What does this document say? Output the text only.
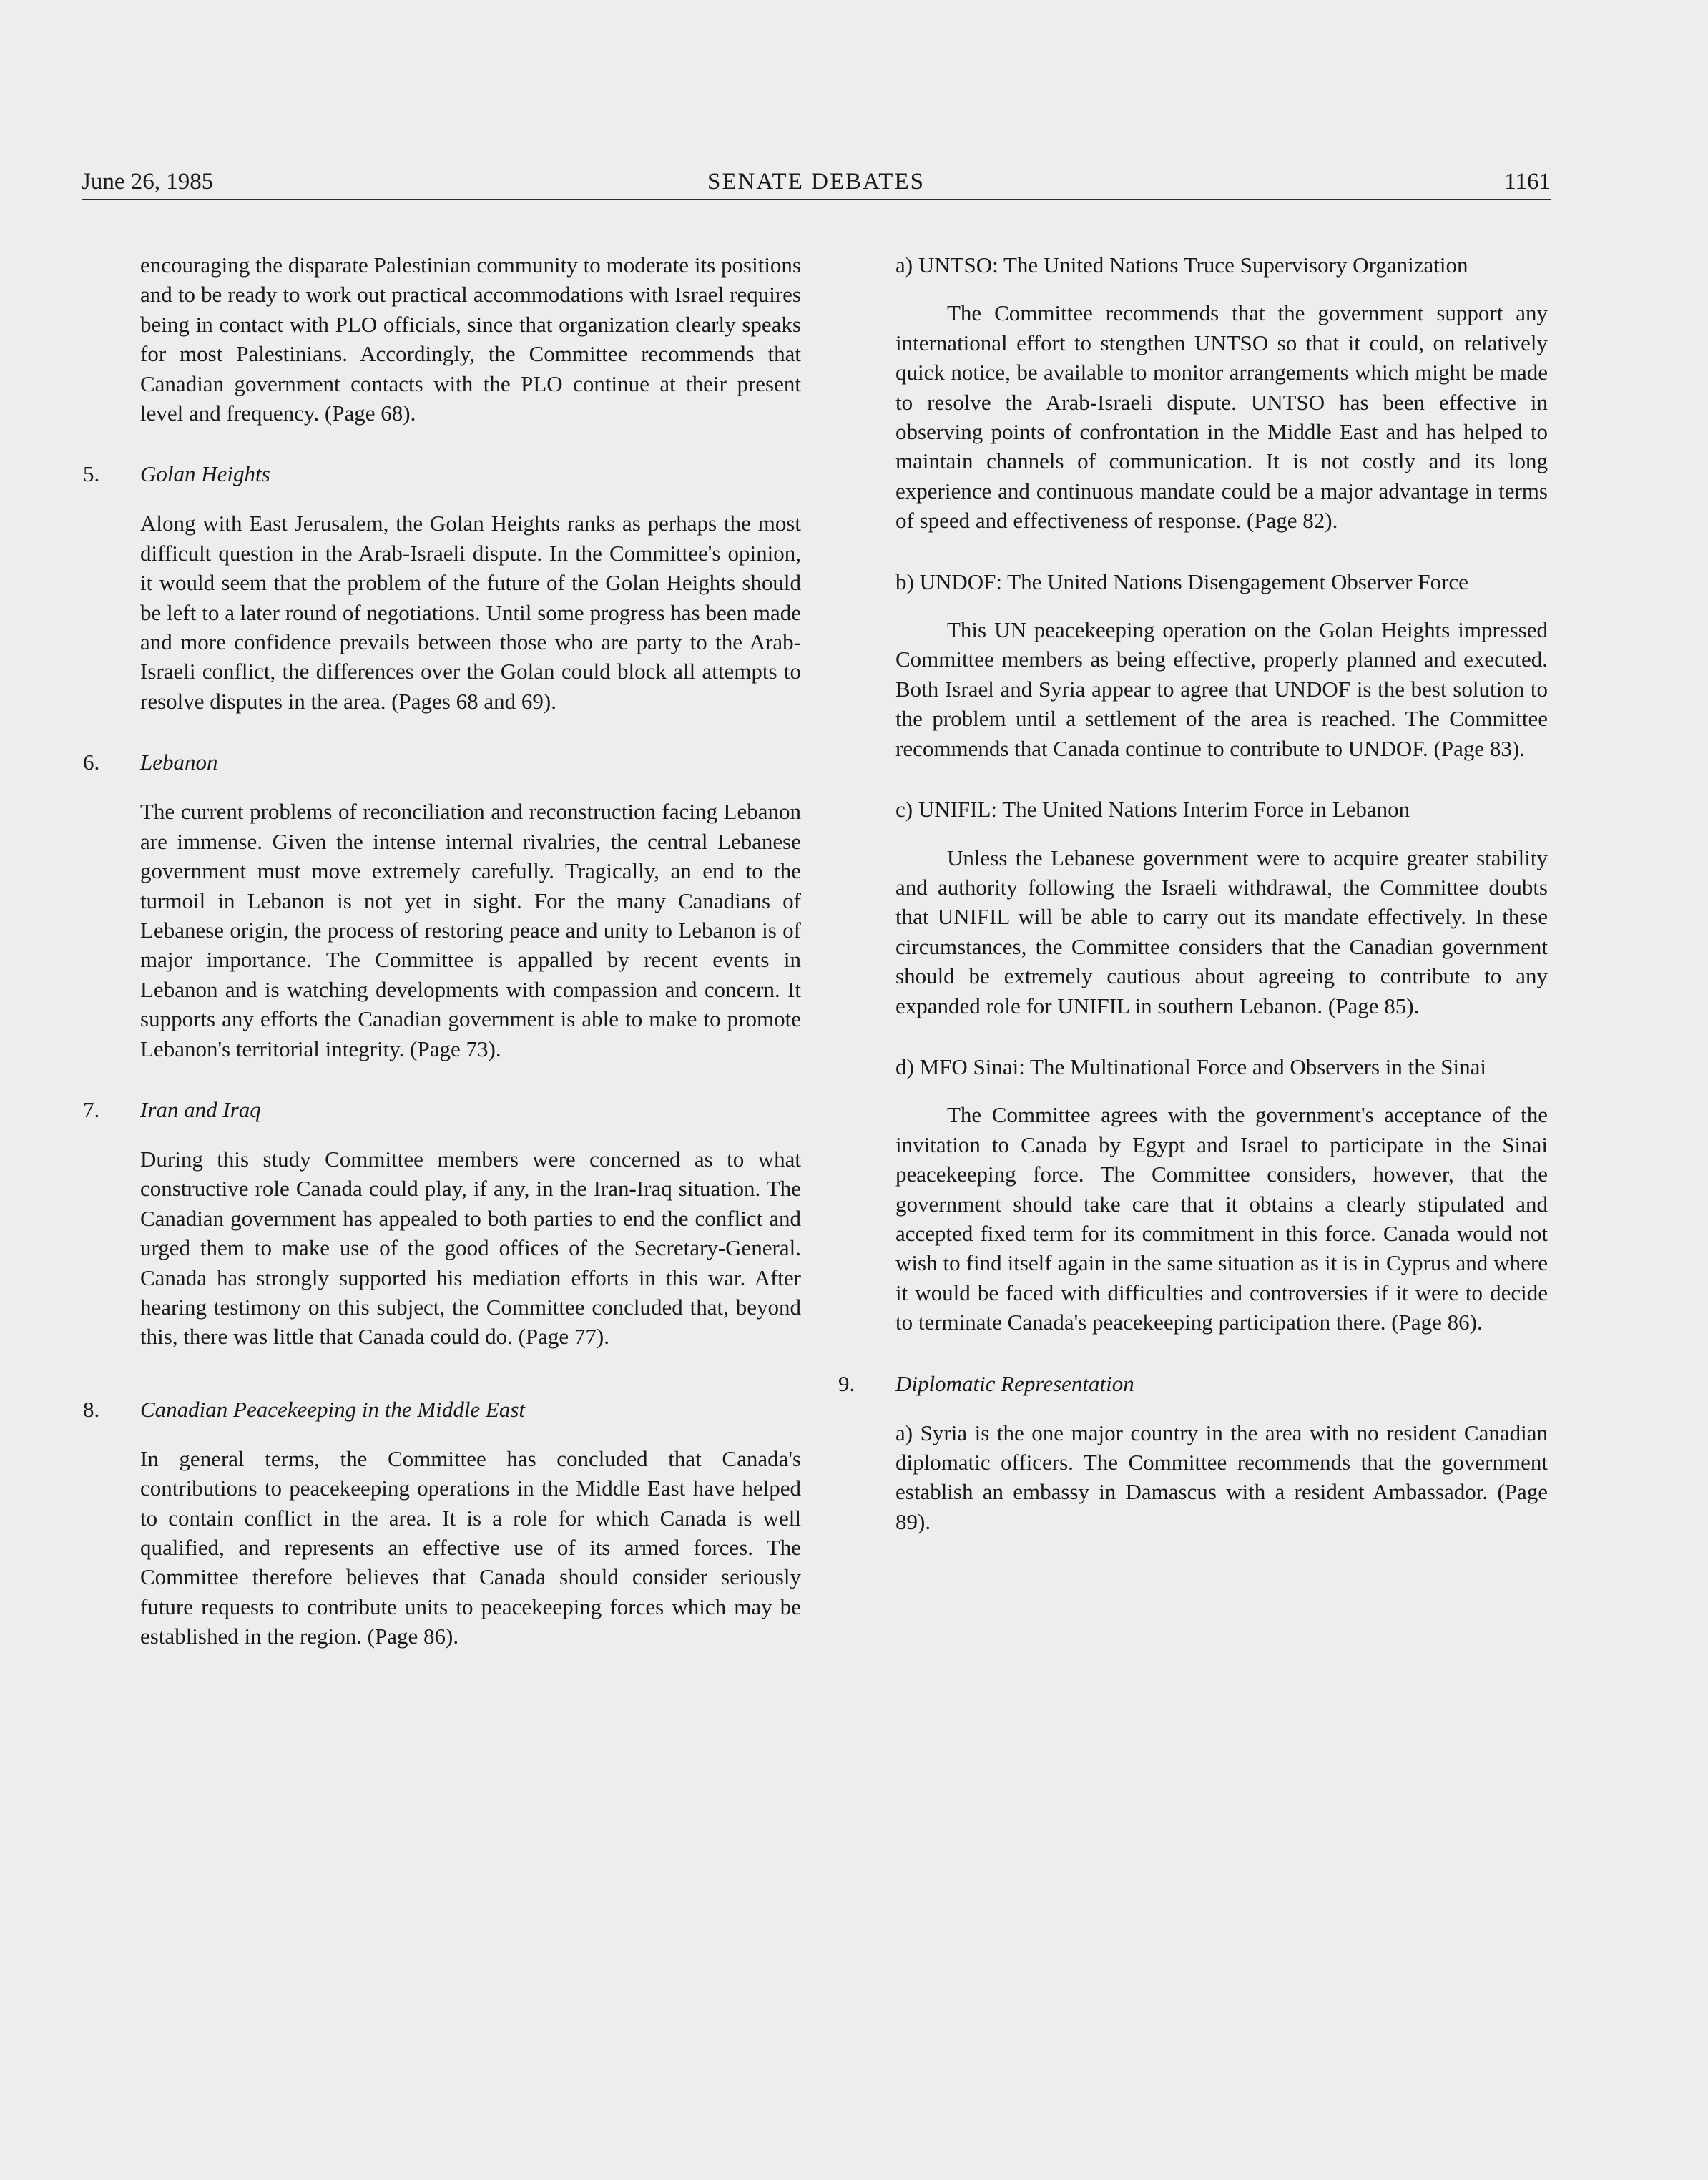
June 26, 1985	SENATE DEBATES	1161

encouraging the disparate Palestinian community to moderate its positions and to be ready to work out practical accommodations with Israel requires being in contact with PLO officials, since that organization clearly speaks for most Palestinians. Accordingly, the Committee recommends that Canadian government contacts with the PLO continue at their present level and frequency. (Page 68).

5. Golan Heights

Along with East Jerusalem, the Golan Heights ranks as perhaps the most difficult question in the Arab-Israeli dispute. In the Committee's opinion, it would seem that the problem of the future of the Golan Heights should be left to a later round of negotiations. Until some progress has been made and more confidence prevails between those who are party to the Arab-Israeli conflict, the differences over the Golan could block all attempts to resolve disputes in the area. (Pages 68 and 69).

6. Lebanon

The current problems of reconciliation and reconstruction facing Lebanon are immense. Given the intense internal rivalries, the central Lebanese government must move extremely carefully. Tragically, an end to the turmoil in Lebanon is not yet in sight. For the many Canadians of Lebanese origin, the process of restoring peace and unity to Lebanon is of major importance. The Committee is appalled by recent events in Lebanon and is watching developments with compassion and concern. It supports any efforts the Canadian government is able to make to promote Lebanon's territorial integrity. (Page 73).

7. Iran and Iraq

During this study Committee members were concerned as to what constructive role Canada could play, if any, in the Iran-Iraq situation. The Canadian government has appealed to both parties to end the conflict and urged them to make use of the good offices of the Secretary-General. Canada has strongly supported his mediation efforts in this war. After hearing testimony on this subject, the Committee concluded that, beyond this, there was little that Canada could do. (Page 77).

8. Canadian Peacekeeping in the Middle East

In general terms, the Committee has concluded that Canada's contributions to peacekeeping operations in the Middle East have helped to contain conflict in the area. It is a role for which Canada is well qualified, and represents an effective use of its armed forces. The Committee therefore believes that Canada should consider seriously future requests to contribute units to peacekeeping forces which may be established in the region. (Page 86).

a) UNTSO: The United Nations Truce Supervisory Organization

The Committee recommends that the government support any international effort to stengthen UNTSO so that it could, on relatively quick notice, be available to monitor arrangements which might be made to resolve the Arab-Israeli dispute. UNTSO has been effective in observing points of confrontation in the Middle East and has helped to maintain channels of communication. It is not costly and its long experience and continuous mandate could be a major advantage in terms of speed and effectiveness of response. (Page 82).

b) UNDOF: The United Nations Disengagement Observer Force

This UN peacekeeping operation on the Golan Heights impressed Committee members as being effective, properly planned and executed. Both Israel and Syria appear to agree that UNDOF is the best solution to the problem until a settlement of the area is reached. The Committee recommends that Canada continue to contribute to UNDOF. (Page 83).

c) UNIFIL: The United Nations Interim Force in Lebanon

Unless the Lebanese government were to acquire greater stability and authority following the Israeli withdrawal, the Committee doubts that UNIFIL will be able to carry out its mandate effectively. In these circumstances, the Committee considers that the Canadian government should be extremely cautious about agreeing to contribute to any expanded role for UNIFIL in southern Lebanon. (Page 85).

d) MFO Sinai: The Multinational Force and Observers in the Sinai

The Committee agrees with the government's acceptance of the invitation to Canada by Egypt and Israel to participate in the Sinai peacekeeping force. The Committee considers, however, that the government should take care that it obtains a clearly stipulated and accepted fixed term for its commitment in this force. Canada would not wish to find itself again in the same situation as it is in Cyprus and where it would be faced with difficulties and controversies if it were to decide to terminate Canada's peacekeeping participation there. (Page 86).

9. Diplomatic Representation

a) Syria is the one major country in the area with no resident Canadian diplomatic officers. The Committee recommends that the government establish an embassy in Damascus with a resident Ambassador. (Page 89).
